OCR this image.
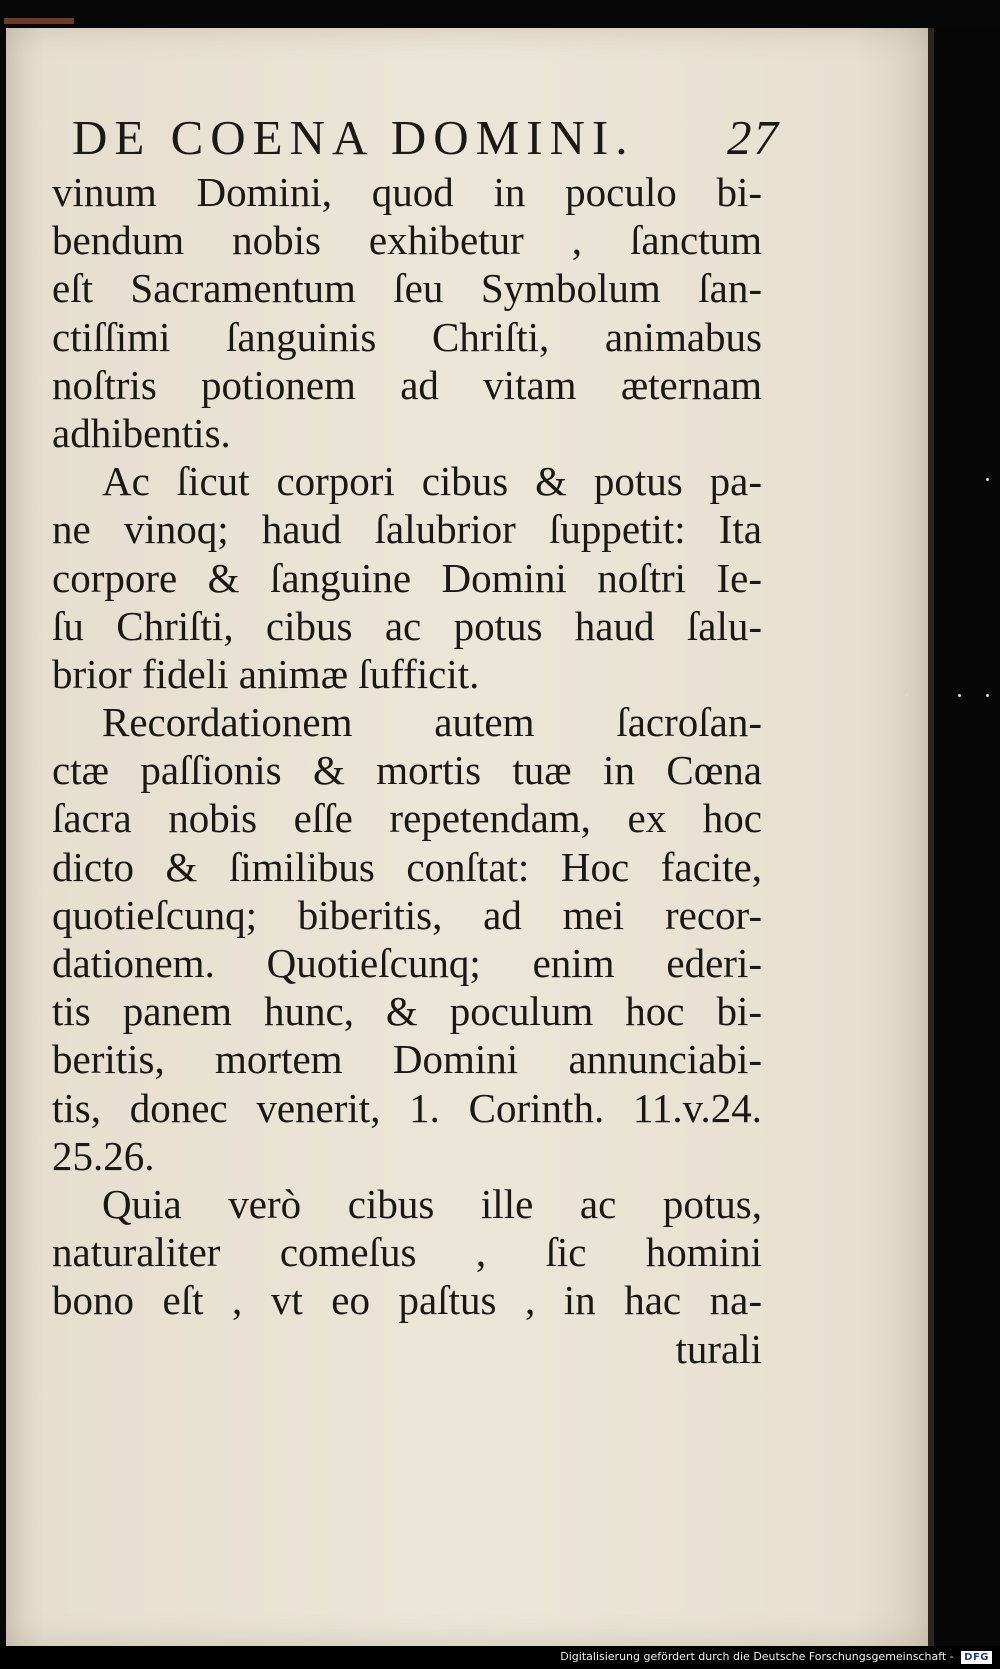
DE COENA DOMINI. 27
vinum Domini, quod in poculo bi-
bendum nobis exhibetur , ſanctum
eſt Sacramentum ſeu Symbolum ſan-
ctiſſimi ſanguinis Chriſti, animabus
noſtris potionem ad vitam æternam
adhibentis.
Ac ſicut corpori cibus & potus pa-
ne vinoq; haud ſalubrior ſuppetit: Ita
corpore & ſanguine Domini noſtri Ie-
ſu Chriſti, cibus ac potus haud ſalu-
brior fideli animæ ſufficit.
Recordationem autem ſacroſan-
ctæ paſſionis & mortis tuæ in Cœna
ſacra nobis eſſe repetendam, ex hoc
dicto & ſimilibus conſtat: Hoc facite,
quotieſcunq; biberitis, ad mei recor-
dationem. Quotieſcunq; enim ederi-
tis panem hunc, & poculum hoc bi-
beritis, mortem Domini annunciabi-
tis, donec venerit, 1. Corinth. 11.v.24.
25.26.
Quia verò cibus ille ac potus,
naturaliter comeſus , ſic homini
bono eſt , vt eo paſtus , in hac na-
turali
Digitalisierung gefördert durch die Deutsche Forschungsgemeinschaft - DFG
